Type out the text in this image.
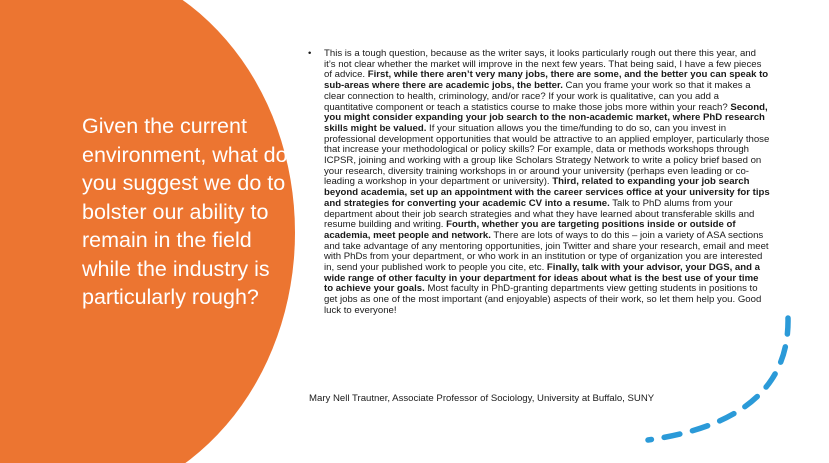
Given the current environment, what do you suggest we do to bolster our ability to remain in the field while the industry is particularly rough?

• This is a tough question, because as the writer says, it looks particularly rough out there this year, and it’s not clear whether the market will improve in the next few years. That being said, I have a few pieces of advice. First, while there aren’t very many jobs, there are some, and the better you can speak to sub-areas where there are academic jobs, the better. Can you frame your work so that it makes a clear connection to health, criminology, and/or race? If your work is qualitative, can you add a quantitative component or teach a statistics course to make those jobs more within your reach? Second, you might consider expanding your job search to the non-academic market, where PhD research skills might be valued. If your situation allows you the time/funding to do so, can you invest in professional development opportunities that would be attractive to an applied employer, particularly those that increase your methodological or policy skills? For example, data or methods workshops through ICPSR, joining and working with a group like Scholars Strategy Network to write a policy brief based on your research, diversity training workshops in or around your university (perhaps even leading or co-leading a workshop in your department or university). Third, related to expanding your job search beyond academia, set up an appointment with the career services office at your university for tips and strategies for converting your academic CV into a resume. Talk to PhD alums from your department about their job search strategies and what they have learned about transferable skills and resume building and writing. Fourth, whether you are targeting positions inside or outside of academia, meet people and network. There are lots of ways to do this – join a variety of ASA sections and take advantage of any mentoring opportunities, join Twitter and share your research, email and meet with PhDs from your department, or who work in an institution or type of organization you are interested in, send your published work to people you cite, etc. Finally, talk with your advisor, your DGS, and a wide range of other faculty in your department for ideas about what is the best use of your time to achieve your goals. Most faculty in PhD-granting departments view getting students in positions to get jobs as one of the most important (and enjoyable) aspects of their work, so let them help you. Good luck to everyone!

Mary Nell Trautner, Associate Professor of Sociology, University at Buffalo, SUNY
